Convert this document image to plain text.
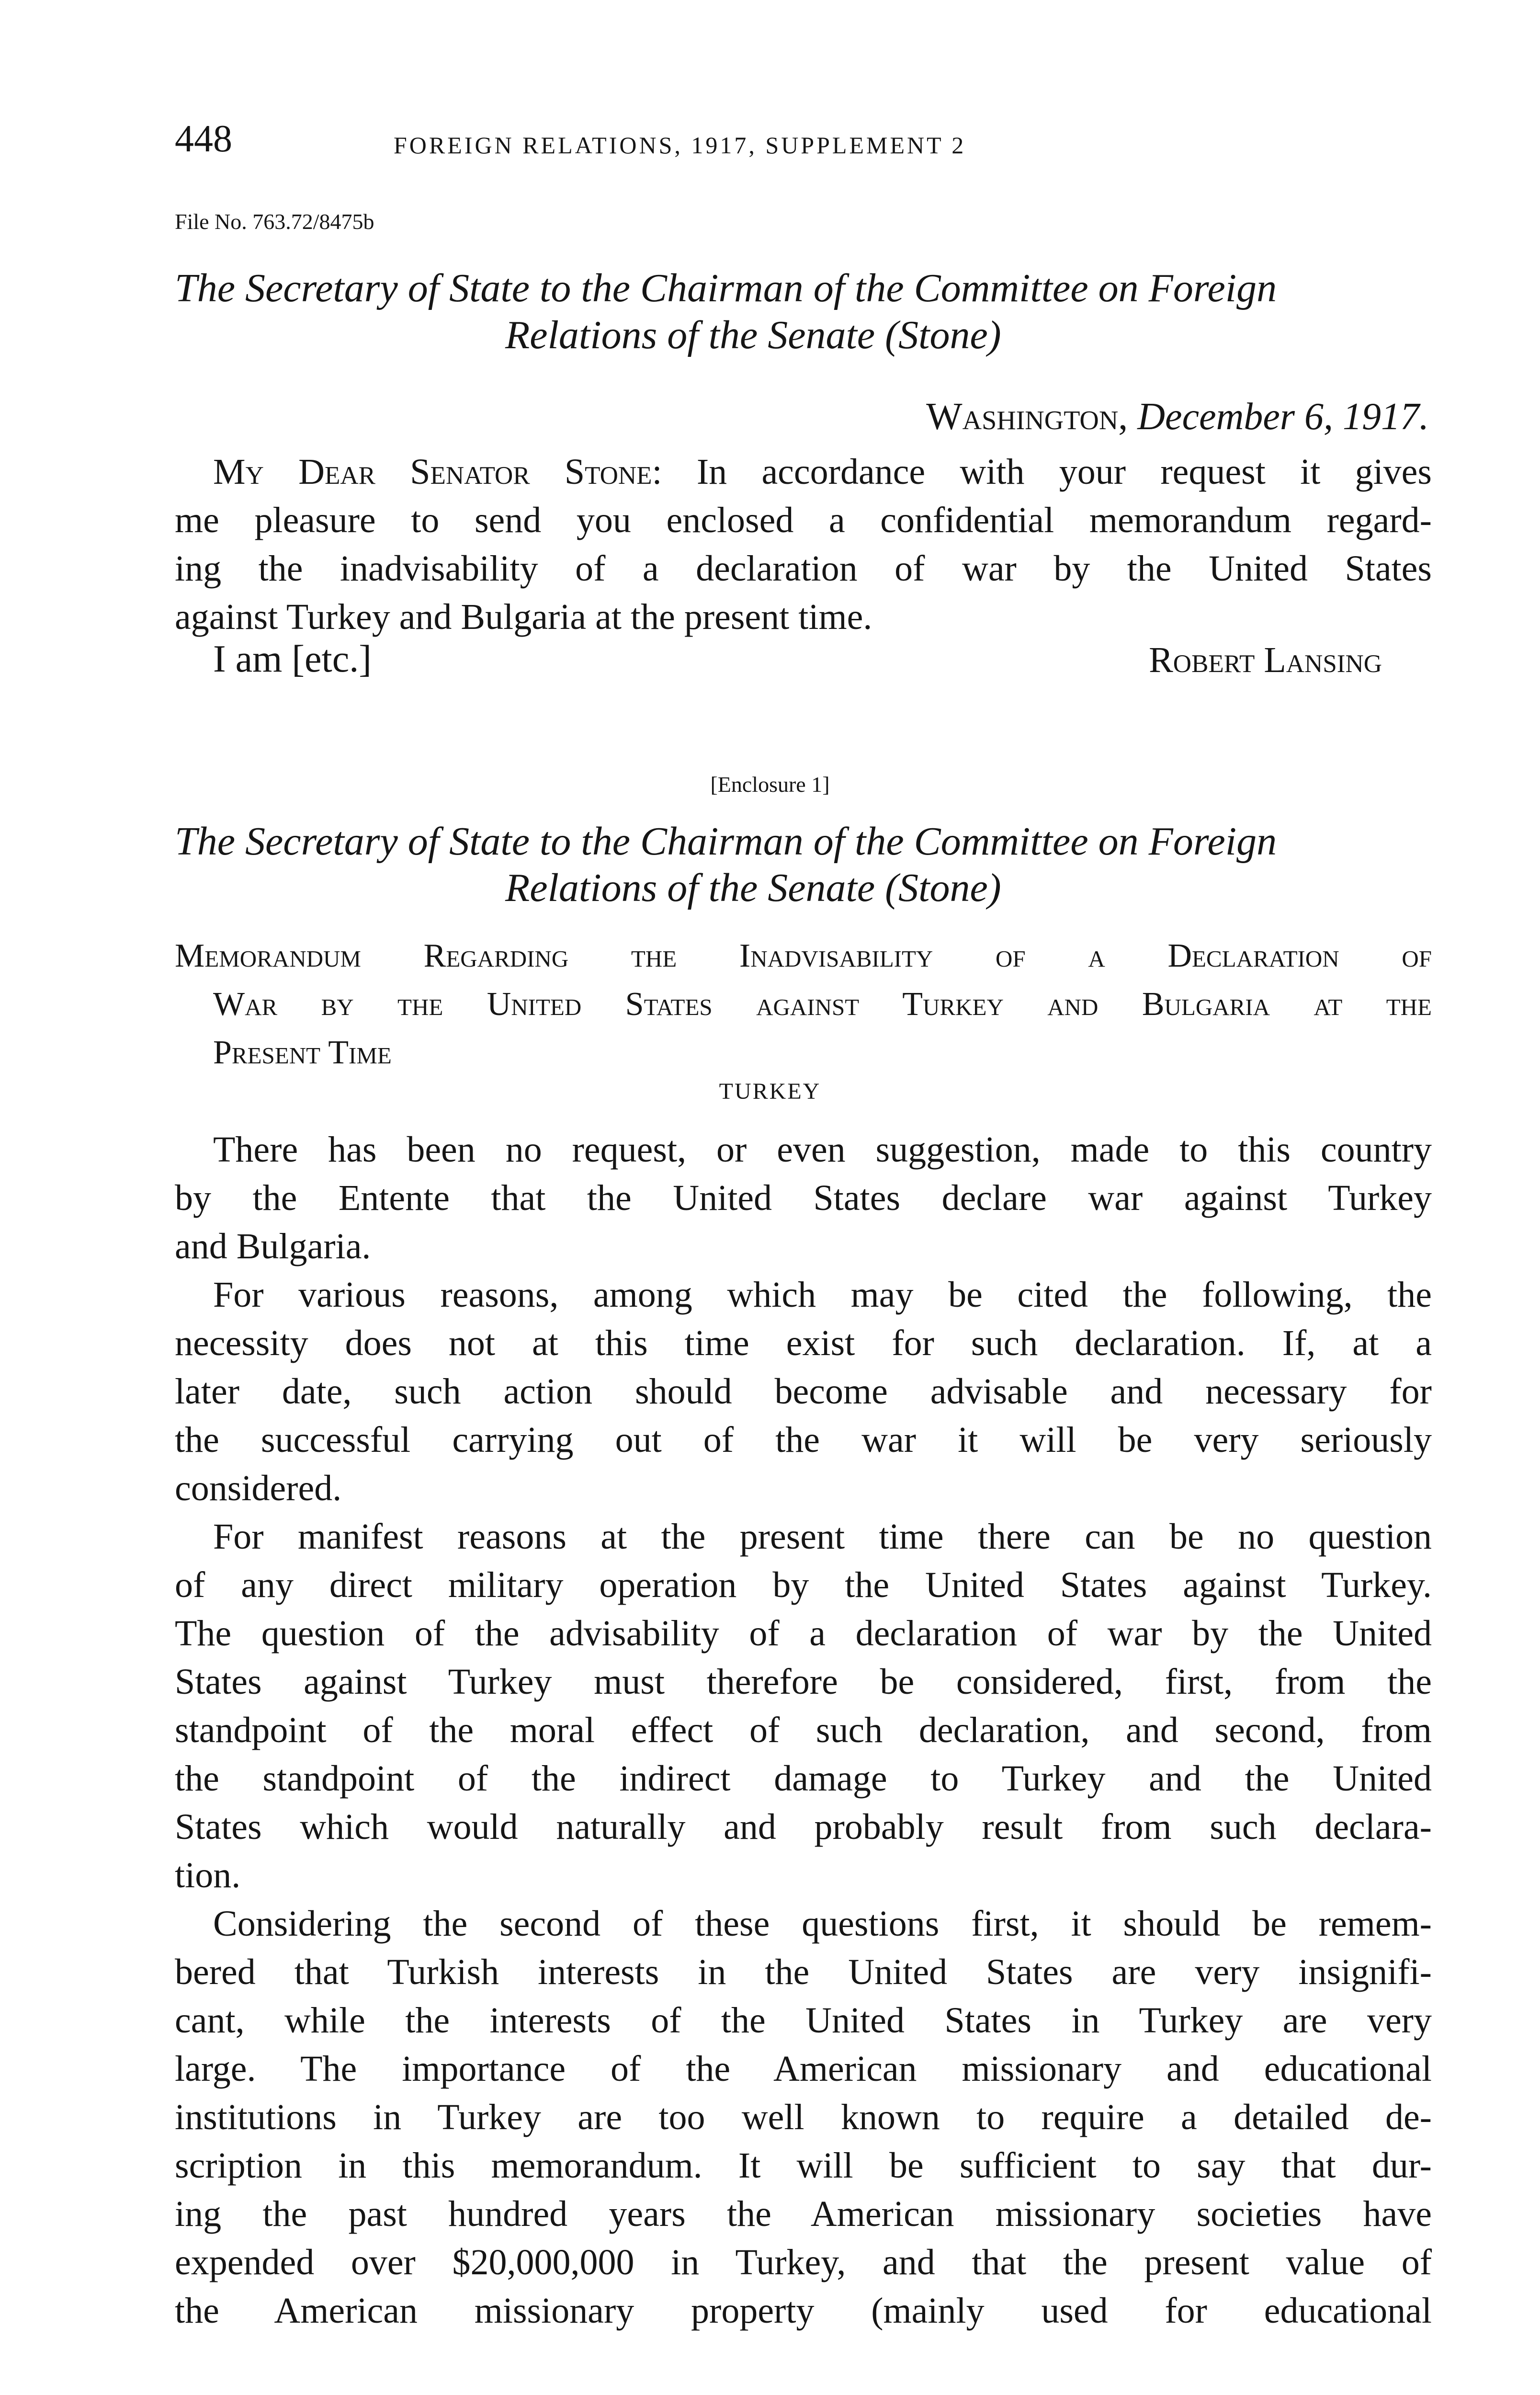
448	FOREIGN RELATIONS, 1917, SUPPLEMENT 2
File No. 763.72/8475b
The Secretary of State to the Chairman of the Committee on Foreign
Relations of the Senate (Stone)
Washington, December 6, 1917.
My Dear Senator Stone: In accordance with your request it gives
me pleasure to send you enclosed a confidential memorandum regard-
ing the inadvisability of a declaration of war by the United States
against Turkey and Bulgaria at the present time.
I am [etc.]	Robert Lansing
[Enclosure 1]
The Secretary of State to the Chairman of the Committee on Foreign
Relations of the Senate (Stone)
Memorandum Regarding the Inadvisability of a Declaration of
War by the United States against Turkey and Bulgaria at the
Present Time
TURKEY
There has been no request, or even suggestion, made to this country
by the Entente that the United States declare war against Turkey
and Bulgaria.
For various reasons, among which may be cited the following, the
necessity does not at this time exist for such declaration. If, at a
later date, such action should become advisable and necessary for
the successful carrying out of the war it will be very seriously
considered.
For manifest reasons at the present time there can be no question
of any direct military operation by the United States against Turkey.
The question of the advisability of a declaration of war by the United
States against Turkey must therefore be considered, first, from the
standpoint of the moral effect of such declaration, and second, from
the standpoint of the indirect damage to Turkey and the United
States which would naturally and probably result from such declara-
tion.
Considering the second of these questions first, it should be remem-
bered that Turkish interests in the United States are very insignifi-
cant, while the interests of the United States in Turkey are very
large. The importance of the American missionary and educational
institutions in Turkey are too well known to require a detailed de-
scription in this memorandum. It will be sufficient to say that dur-
ing the past hundred years the American missionary societies have
expended over $20,000,000 in Turkey, and that the present value of
the American missionary property (mainly used for educational
